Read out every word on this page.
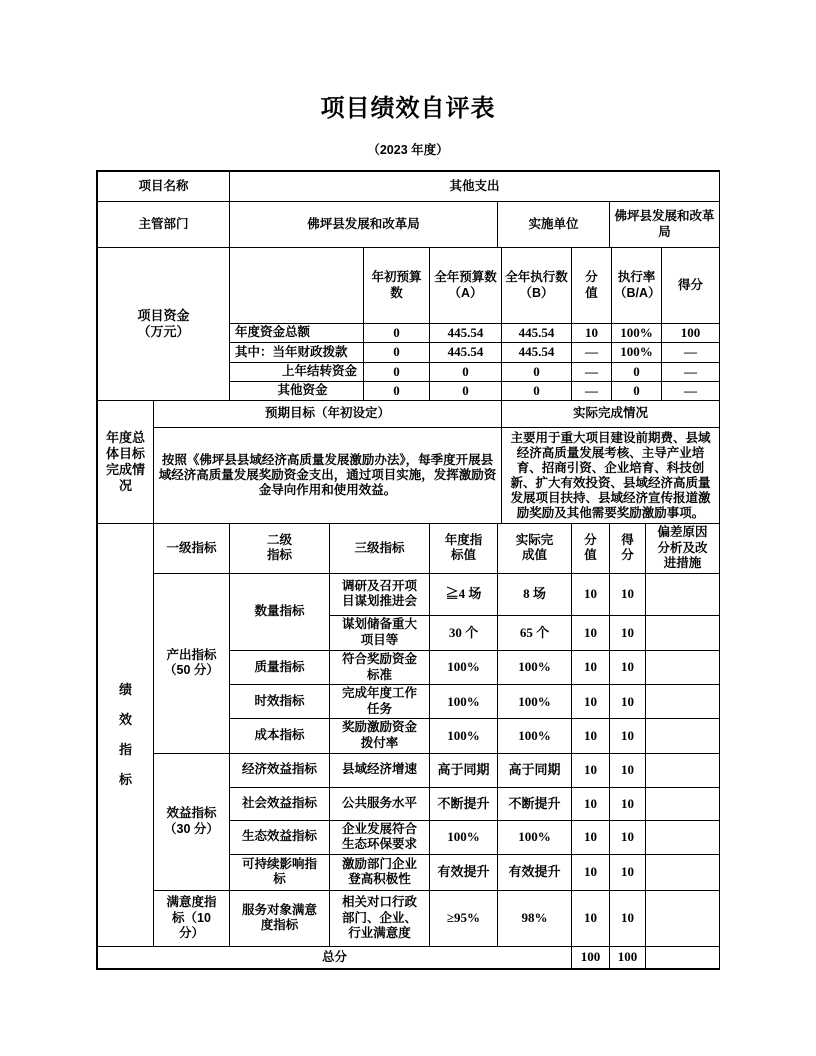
项目绩效自评表
（2023 年度）
项目名称	其他支出		
主管部门	佛坪县发展和改革局	实施单位	佛坪县发展和改革局
项目资金（万元）		年初预算数	全年预算数（A）	全年执行数（B）	分值	执行率（B/A）	得分
	年度资金总额	0	445.54	445.54	10	100%	100
	其中：当年财政拨款	0	445.54	445.54	—	100%	—
	上年结转资金	0	0	0	—	0	—
	其他资金	0	0	0	—	0	—
年度总体目标完成情况	预期目标（年初设定）	实际完成情况
	按照《佛坪县县域经济高质量发展激励办法》，每季度开展县域经济高质量发展奖励资金支出，通过项目实施，发挥激励资金导向作用和使用效益。	主要用于重大项目建设前期费、县域经济高质量发展考核、主导产业培育、招商引资、企业培育、科技创新、扩大有效投资、县域经济高质量发展项目扶持、县域经济宣传报道激励奖励及其他需要奖励激励事项。
绩效指标	一级指标	二级指标	三级指标	年度指标值	实际完成值	分值	得分	偏差原因分析及改进措施
	产出指标（50 分）	数量指标	调研及召开项目谋划推进会	≧4 场	8 场	10	10	
			谋划储备重大项目等	30 个	65 个	10	10	
		质量指标	符合奖励资金标准	100%	100%	10	10	
		时效指标	完成年度工作任务	100%	100%	10	10	
		成本指标	奖励激励资金拨付率	100%	100%	10	10	
	效益指标（30 分）	经济效益指标	县域经济增速	高于同期	高于同期	10	10	
		社会效益指标	公共服务水平	不断提升	不断提升	10	10	
		生态效益指标	企业发展符合生态环保要求	100%	100%	10	10	
		可持续影响指标	激励部门企业登高积极性	有效提升	有效提升	10	10	
	满意度指标（10 分）	服务对象满意度指标	相关对口行政部门、企业、行业满意度	≥95%	98%	10	10	
总分	100	100	
